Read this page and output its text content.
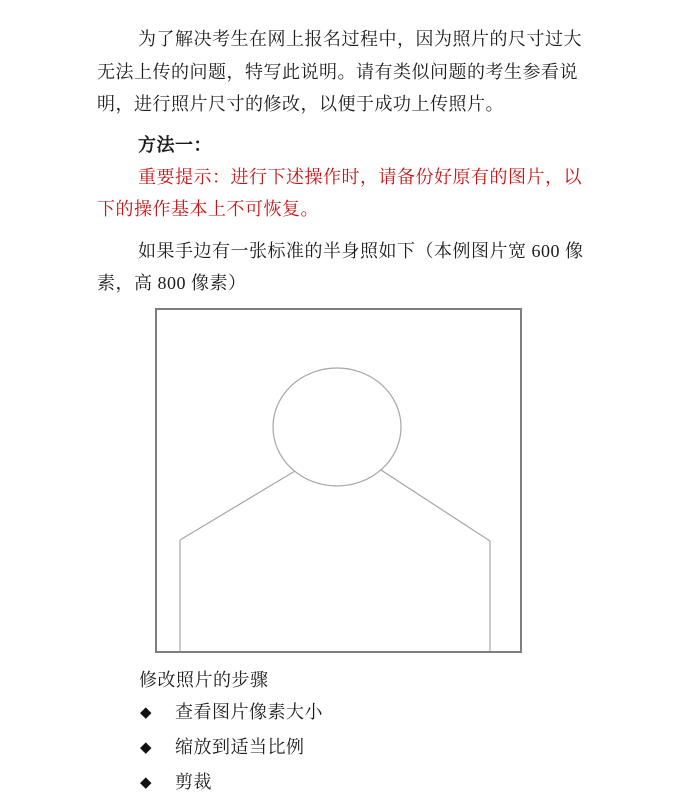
为了解决考生在网上报名过程中，因为照片的尺寸过大
无法上传的问题，特写此说明。请有类似问题的考生参看说
明，进行照片尺寸的修改，以便于成功上传照片。
方法一：
重要提示：进行下述操作时，请备份好原有的图片，以
下的操作基本上不可恢复。
如果手边有一张标准的半身照如下（本例图片宽 600 像
素，高 800 像素）
修改照片的步骤
◆	查看图片像素大小
◆	缩放到适当比例
◆	剪裁
